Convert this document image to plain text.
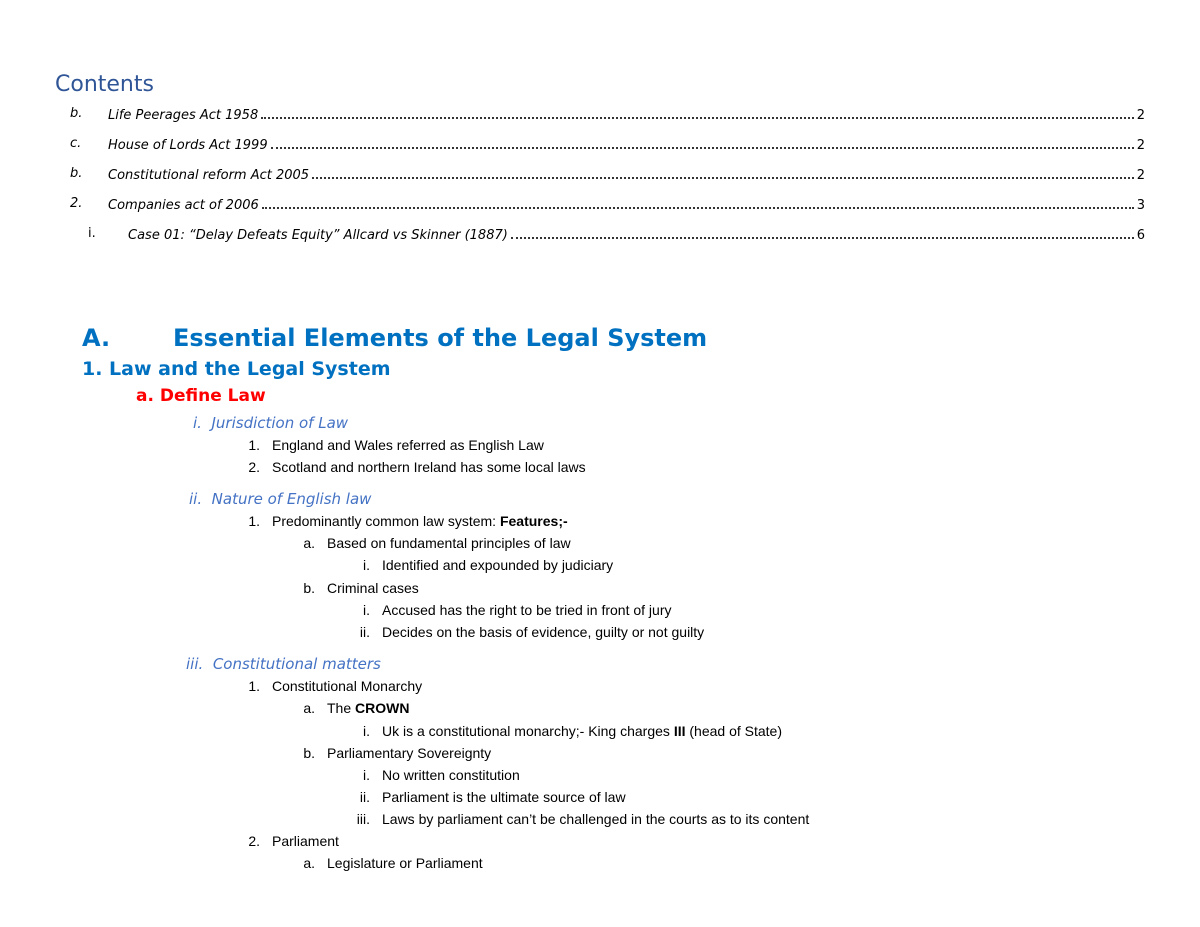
Contents
b. Life Peerages Act 1958	2
c. House of Lords Act 1999	2
b. Constitutional reform Act 2005	2
2. Companies act of 2006	3
i. Case 01: “Delay Defeats Equity” Allcard vs Skinner (1887)	6
A.	Essential Elements of the Legal System
1. Law and the Legal System
a. Define Law
i. Jurisdiction of Law
1. England and Wales referred as English Law
2. Scotland and northern Ireland has some local laws
ii. Nature of English law
1. Predominantly common law system: Features;-
a. Based on fundamental principles of law
i. Identified and expounded by judiciary
b. Criminal cases
i. Accused has the right to be tried in front of jury
ii. Decides on the basis of evidence, guilty or not guilty
iii. Constitutional matters
1. Constitutional Monarchy
a. The CROWN
i. Uk is a constitutional monarchy;- King charges III (head of State)
b. Parliamentary Sovereignty
i. No written constitution
ii. Parliament is the ultimate source of law
iii. Laws by parliament can’t be challenged in the courts as to its content
2. Parliament
a. Legislature or Parliament
